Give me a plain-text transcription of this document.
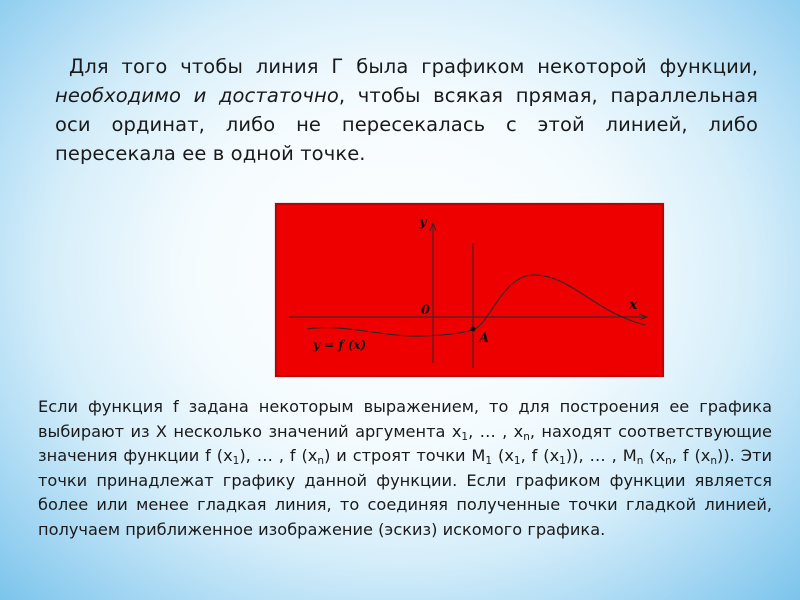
Для того чтобы линия Г была графиком некоторой функции, необходимо и достаточно, чтобы всякая прямая, параллельная оси ординат, либо не пересекалась с этой линией, либо пересекала ее в одной точке.
y
x
0
A
y = f (x)
Если функция f задана некоторым выражением, то для построения ее графика выбирают из X несколько значений аргумента $x_1$, … , $x_n$, находят соответствующие значения функции f $(x_1)$, … , f $(x_n)$ и строят точки $M_1$ ($x_1$, f $(x_1)$), … , $M_n$ ($x_n$, f $(x_n)$). Эти точки принадлежат графику данной функции. Если графиком функции является более или менее гладкая линия, то соединяя полученные точки гладкой линией, получаем приближенное изображение (эскиз) искомого графика.
